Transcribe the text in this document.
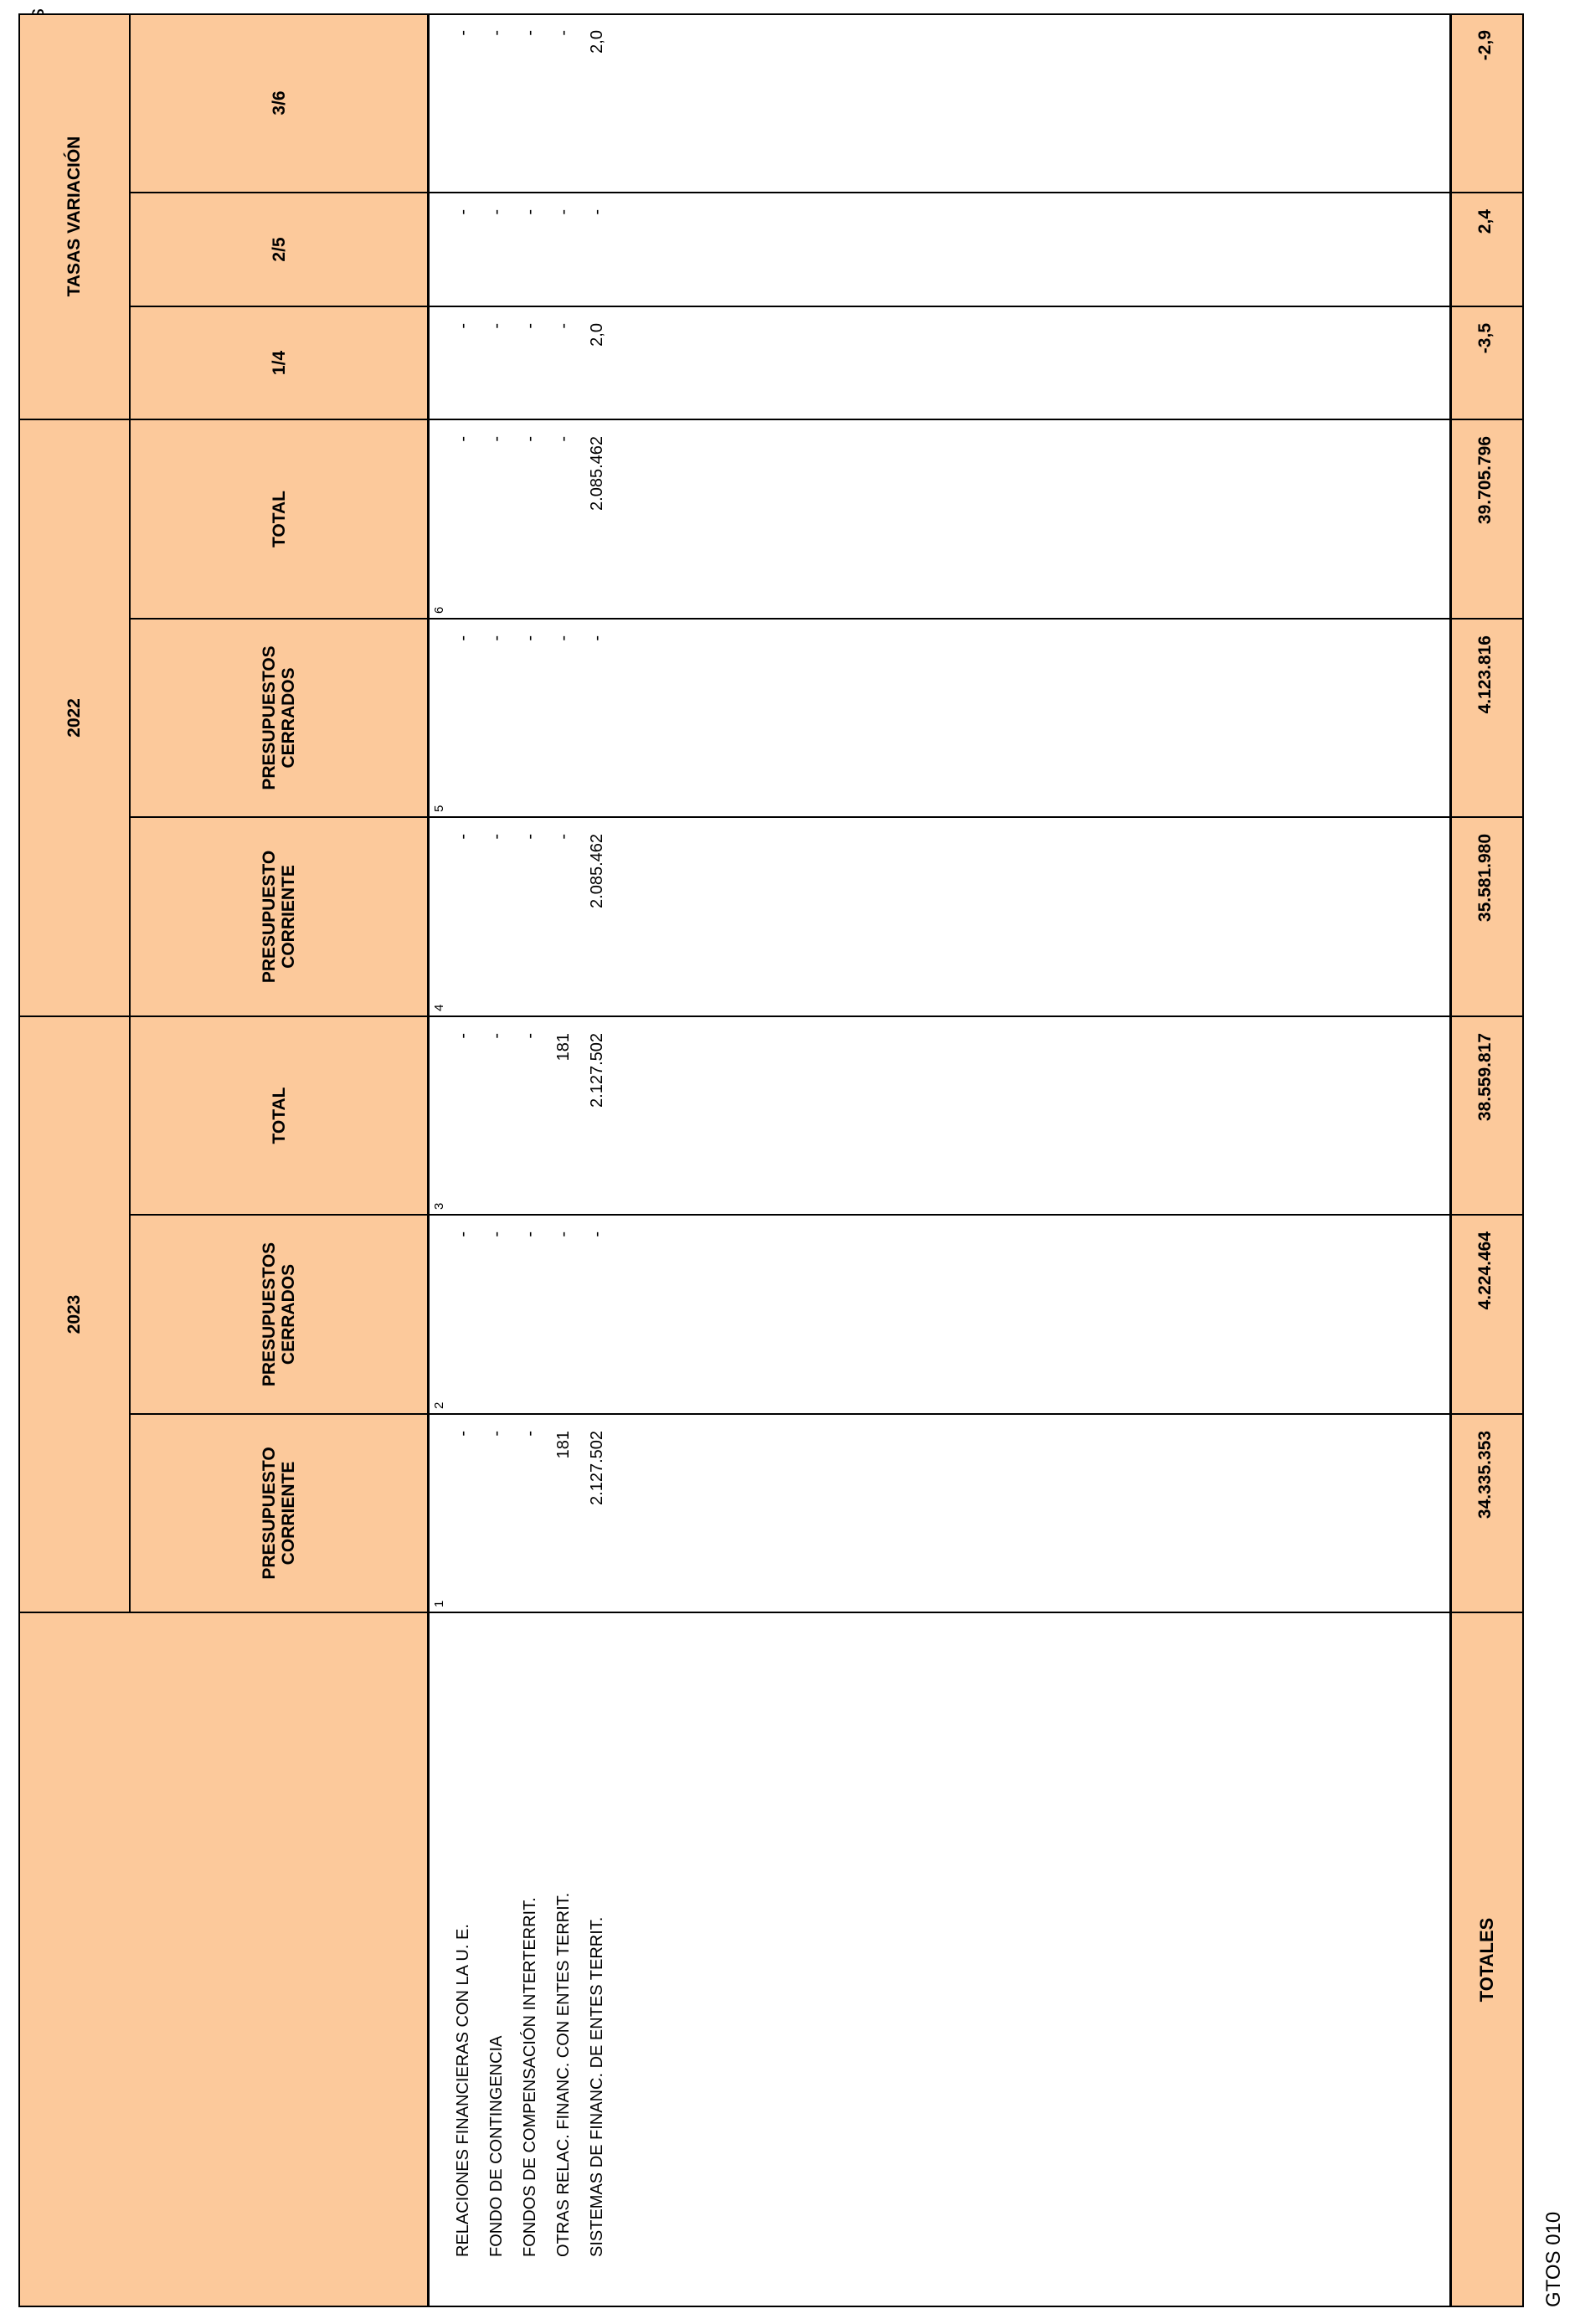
GTOS 010
2023
2022
TASAS VARIACIÓN
PRESUPUESTO CORRIENTE
1
PRESUPUESTOS CERRADOS
2
TOTAL
3
PRESUPUESTO CORRIENTE
4
PRESUPUESTOS CERRADOS
5
TOTAL
6
1/4
2/5
3/6
RELACIONES FINANCIERAS CON LA U. E.
-
-
-
-
-
-
-
-
-
FONDO DE CONTINGENCIA
-
-
-
-
-
-
-
-
-
FONDOS DE COMPENSACIÓN INTERTERRIT.
-
-
-
-
-
-
-
-
-
OTRAS RELAC. FINANC. CON ENTES TERRIT.
181
-
181
-
-
-
-
-
-
SISTEMAS DE FINANC. DE ENTES TERRIT.
2.127.502
-
2.127.502
2.085.462
-
2.085.462
2,0
-
2,0
TOTALES
34.335.353
4.224.464
38.559.817
35.581.980
4.123.816
39.705.796
-3,5
2,4
-2,9
